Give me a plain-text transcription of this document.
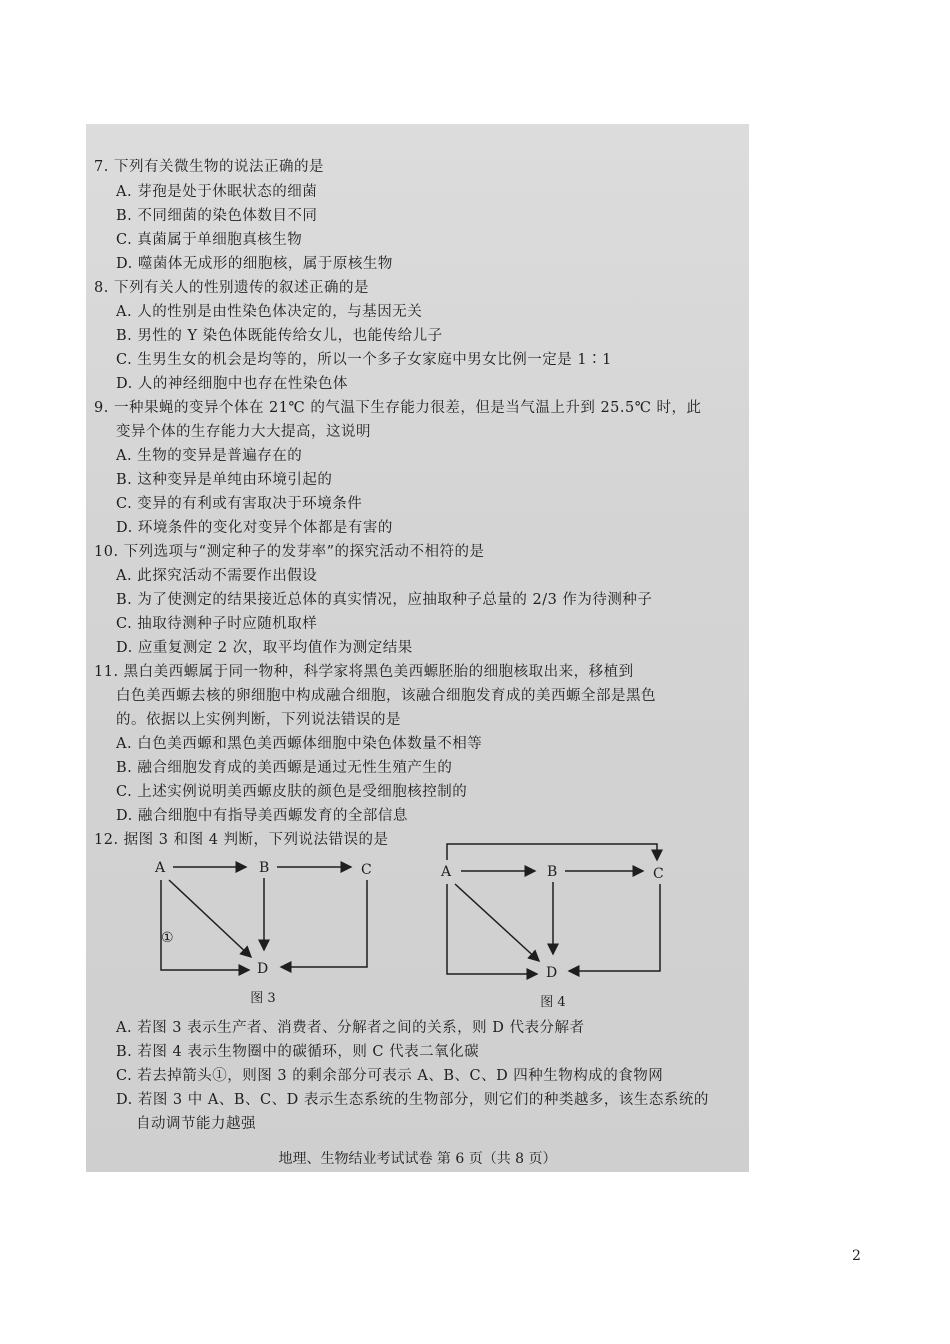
7. 下列有关微生物的说法正确的是
A. 芽孢是处于休眠状态的细菌
B. 不同细菌的染色体数目不同
C. 真菌属于单细胞真核生物
D. 噬菌体无成形的细胞核，属于原核生物
8. 下列有关人的性别遗传的叙述正确的是
A. 人的性别是由性染色体决定的，与基因无关
B. 男性的 Y 染色体既能传给女儿，也能传给儿子
C. 生男生女的机会是均等的，所以一个多子女家庭中男女比例一定是 1∶1
D. 人的神经细胞中也存在性染色体
9. 一种果蝇的变异个体在 21℃ 的气温下生存能力很差，但是当气温上升到 25.5℃ 时，此
变异个体的生存能力大大提高，这说明
A. 生物的变异是普遍存在的
B. 这种变异是单纯由环境引起的
C. 变异的有利或有害取决于环境条件
D. 环境条件的变化对变异个体都是有害的
10. 下列选项与“测定种子的发芽率”的探究活动不相符的是
A. 此探究活动不需要作出假设
B. 为了使测定的结果接近总体的真实情况，应抽取种子总量的 2/3 作为待测种子
C. 抽取待测种子时应随机取样
D. 应重复测定 2 次，取平均值作为测定结果
11. 黑白美西螈属于同一物种，科学家将黑色美西螈胚胎的细胞核取出来，移植到
白色美西螈去核的卵细胞中构成融合细胞，该融合细胞发育成的美西螈全部是黑色
的。依据以上实例判断，下列说法错误的是
A. 白色美西螈和黑色美西螈体细胞中染色体数量不相等
B. 融合细胞发育成的美西螈是通过无性生殖产生的
C. 上述实例说明美西螈皮肤的颜色是受细胞核控制的
D. 融合细胞中有指导美西螈发育的全部信息
12. 据图 3 和图 4 判断，下列说法错误的是
A	B	C
D
①
图 3
A	B	C
D
图 4
A. 若图 3 表示生产者、消费者、分解者之间的关系，则 D 代表分解者
B. 若图 4 表示生物圈中的碳循环，则 C 代表二氧化碳
C. 若去掉箭头①，则图 3 的剩余部分可表示 A、B、C、D 四种生物构成的食物网
D. 若图 3 中 A、B、C、D 表示生态系统的生物部分，则它们的种类越多，该生态系统的
自动调节能力越强
地理、生物结业考试试卷 第 6 页（共 8 页）
2
